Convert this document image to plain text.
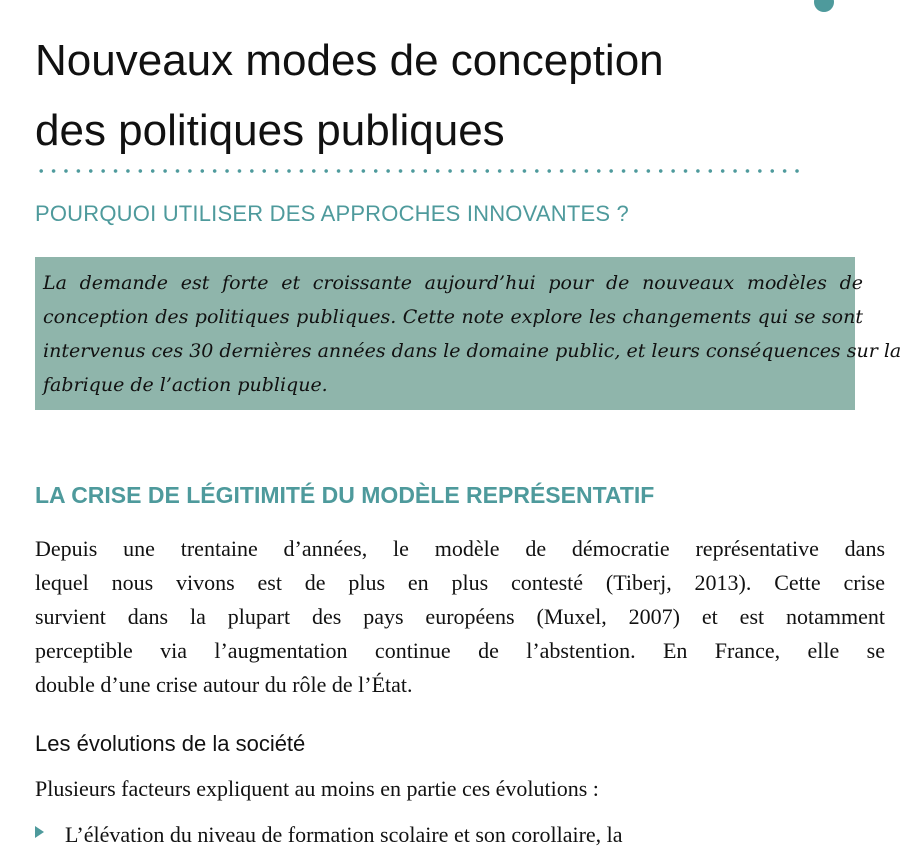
Nouveaux modes de conception
des politiques publiques
POURQUOI UTILISER DES APPROCHES INNOVANTES ?
La demande est forte et croissante aujourd’hui pour de nouveaux modèles de
conception des politiques publiques. Cette note explore les changements qui se sont
intervenus ces 30 dernières années dans le domaine public, et leurs conséquences sur la
fabrique de l’action publique.
LA CRISE DE LÉGITIMITÉ DU MODÈLE REPRÉSENTATIF
Depuis une trentaine d’années, le modèle de démocratie représentative dans
lequel nous vivons est de plus en plus contesté (Tiberj, 2013). Cette crise
survient dans la plupart des pays européens (Muxel, 2007) et est notamment
perceptible via l’augmentation continue de l’abstention. En France, elle se
double d’une crise autour du rôle de l’État.
Les évolutions de la société

Plusieurs facteurs expliquent au moins en partie ces évolutions :

L’élévation du niveau de formation scolaire et son corollaire, la
